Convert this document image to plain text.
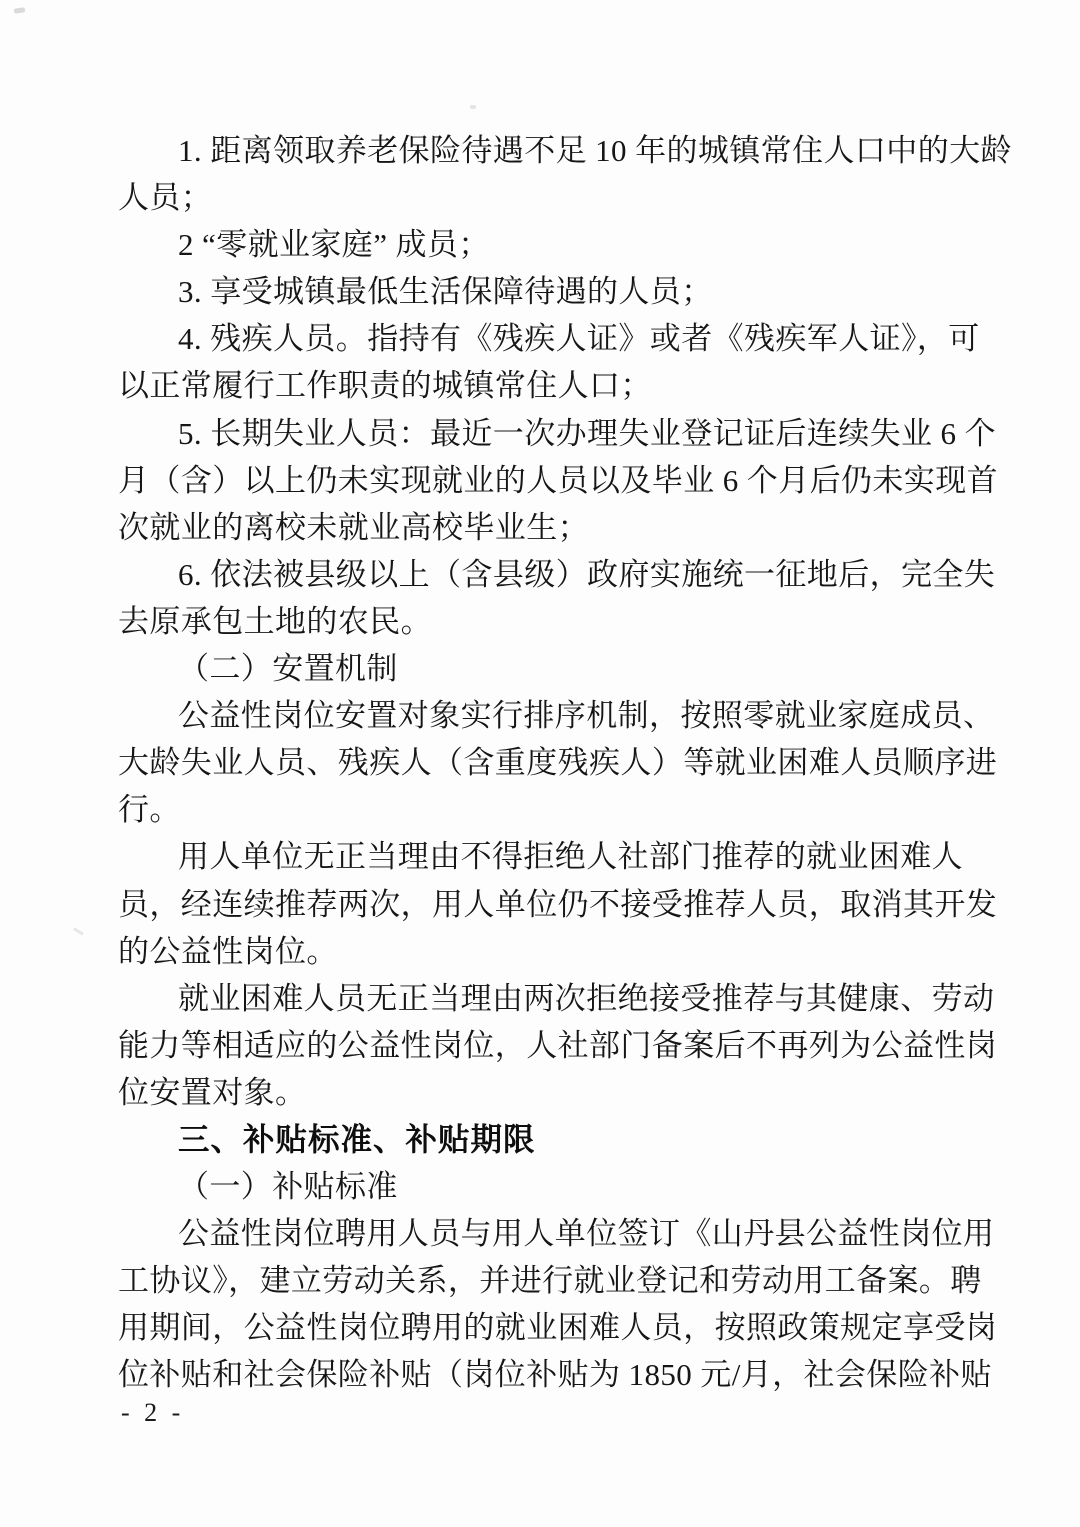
1. 距离领取养老保险待遇不足 10 年的城镇常住人口中的大龄
人员；
2 “零就业家庭” 成员；
3. 享受城镇最低生活保障待遇的人员；
4. 残疾人员。指持有《残疾人证》或者《残疾军人证》，可
以正常履行工作职责的城镇常住人口；
5. 长期失业人员：最近一次办理失业登记证后连续失业 6 个
月（含）以上仍未实现就业的人员以及毕业 6 个月后仍未实现首
次就业的离校未就业高校毕业生；
6. 依法被县级以上（含县级）政府实施统一征地后，完全失
去原承包土地的农民。
（二）安置机制
公益性岗位安置对象实行排序机制，按照零就业家庭成员、
大龄失业人员、残疾人（含重度残疾人）等就业困难人员顺序进
行。
用人单位无正当理由不得拒绝人社部门推荐的就业困难人
员，经连续推荐两次，用人单位仍不接受推荐人员，取消其开发
的公益性岗位。
就业困难人员无正当理由两次拒绝接受推荐与其健康、劳动
能力等相适应的公益性岗位，人社部门备案后不再列为公益性岗
位安置对象。
三、补贴标准、补贴期限
（一）补贴标准
公益性岗位聘用人员与用人单位签订《山丹县公益性岗位用
工协议》，建立劳动关系，并进行就业登记和劳动用工备案。聘
用期间，公益性岗位聘用的就业困难人员，按照政策规定享受岗
位补贴和社会保险补贴（岗位补贴为 1850 元/月，社会保险补贴
- 2 -
